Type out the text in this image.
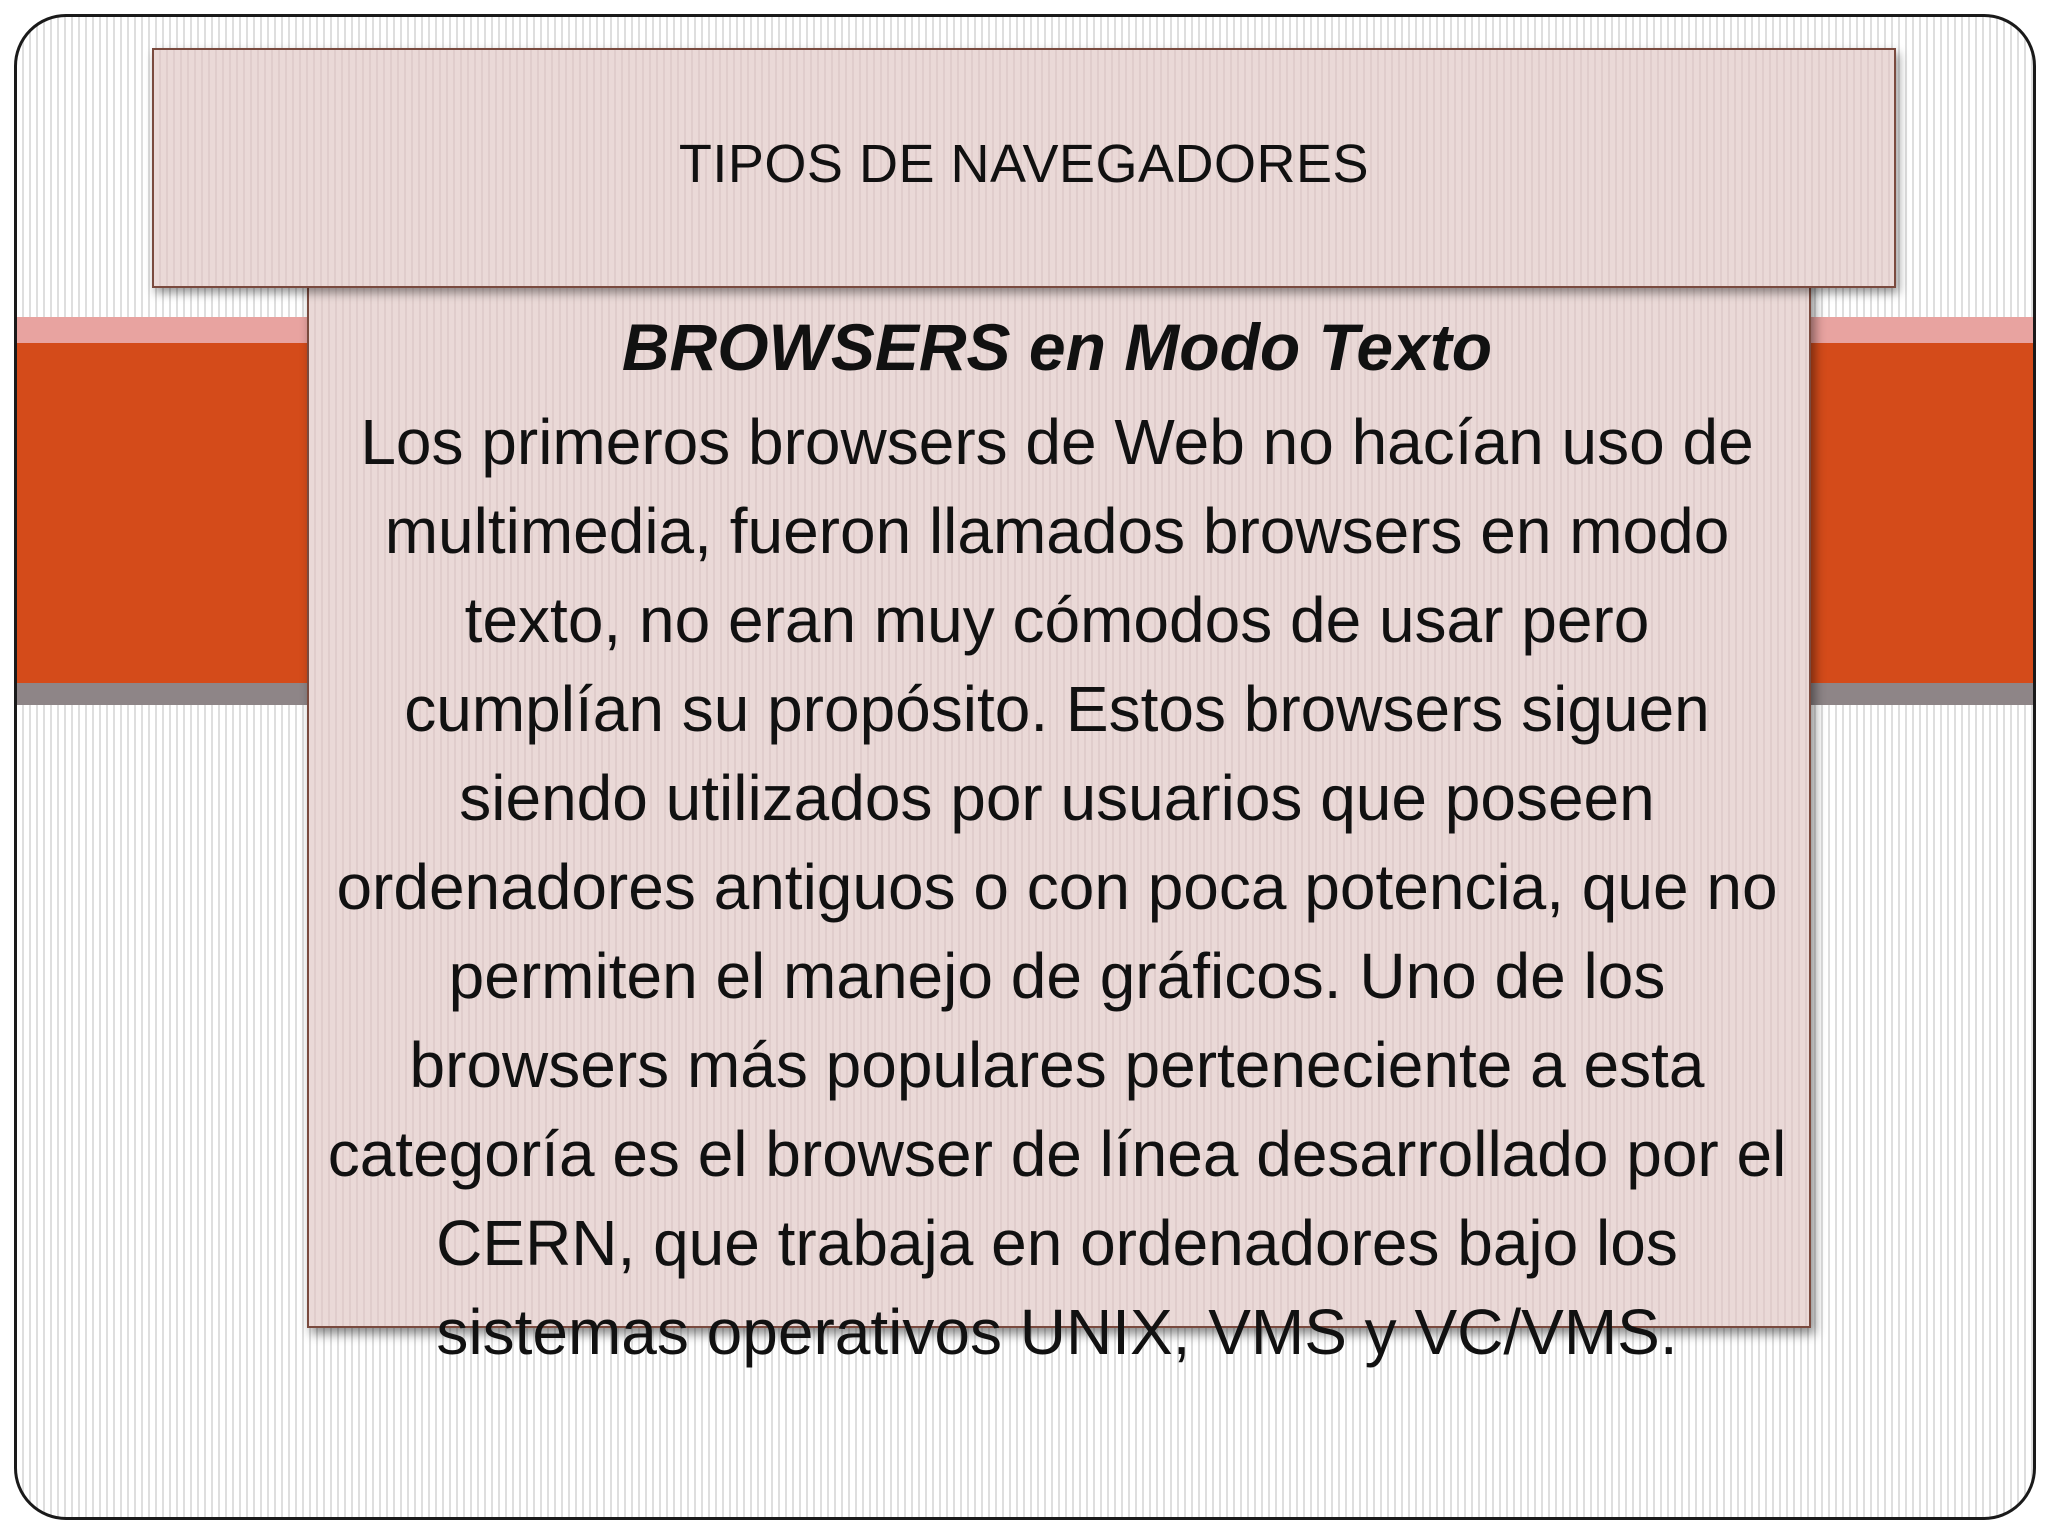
TIPOS DE NAVEGADORES

BROWSERS en Modo Texto

Los primeros browsers de Web no hacían uso de multimedia, fueron llamados browsers en modo texto, no eran muy cómodos de usar pero cumplían su propósito. Estos browsers siguen siendo utilizados por usuarios que poseen ordenadores antiguos o con poca potencia, que no permiten el manejo de gráficos. Uno de los browsers más populares perteneciente a esta categoría es el browser de línea desarrollado por el CERN, que trabaja en ordenadores bajo los sistemas operativos UNIX, VMS y VC/VMS.
